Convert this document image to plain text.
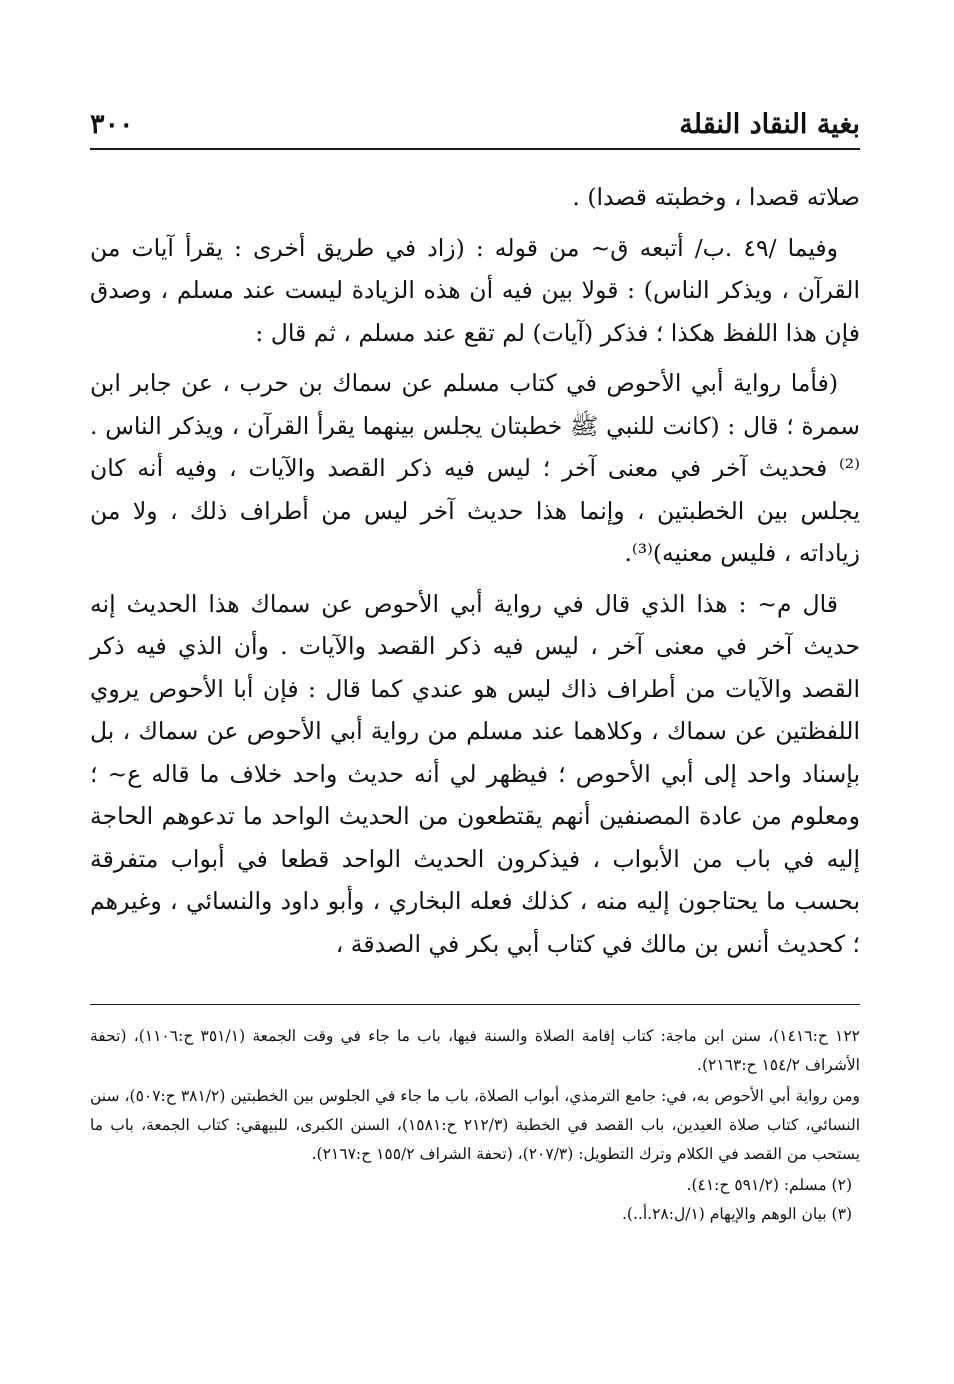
بغية النقاد النقلة
٣٠٠

صلاته قصدا ، وخطبته قصدا) .

وفيما /٤٩ .ب/ أتبعه ق~ من قوله : (زاد في طريق أخرى : يقرأ آيات من القرآن ، ويذكر الناس) : قولا بين فيه أن هذه الزيادة ليست عند مسلم ، وصدق فإن هذا اللفظ هكذا ؛ فذكر (آيات) لم تقع عند مسلم ، ثم قال :

(فأما رواية أبي الأحوص في كتاب مسلم عن سماك بن حرب ، عن جابر ابن سمرة ؛ قال : (كانت للنبي ﷺ خطبتان يجلس بينهما يقرأ القرآن ، ويذكر الناس .⁽²⁾ فحديث آخر في معنى آخر ؛ ليس فيه ذكر القصد والآيات ، وفيه أنه كان يجلس بين الخطبتين ، وإنما هذا حديث آخر ليس من أطراف ذلك ، ولا من زياداته ، فليس معنيه)⁽³⁾.

قال م~ : هذا الذي قال في رواية أبي الأحوص عن سماك هذا الحديث إنه حديث آخر في معنى آخر ، ليس فيه ذكر القصد والآيات . وأن الذي فيه ذكر القصد والآيات من أطراف ذاك ليس هو عندي كما قال : فإن أبا الأحوص يروي اللفظتين عن سماك ، وكلاهما عند مسلم من رواية أبي الأحوص عن سماك ، بل بإسناد واحد إلى أبي الأحوص ؛ فيظهر لي أنه حديث واحد خلاف ما قاله ع~ ؛ ومعلوم من عادة المصنفين أنهم يقتطعون من الحديث الواحد ما تدعوهم الحاجة إليه في باب من الأبواب ، فيذكرون الحديث الواحد قطعا في أبواب متفرقة بحسب ما يحتاجون إليه منه ، كذلك فعله البخاري ، وأبو داود والنسائي ، وغيرهم ؛ كحديث أنس بن مالك في كتاب أبي بكر في الصدقة ،

١٢٢ ح:١٤١٦)، سنن ابن ماجة: كتاب إقامة الصلاة والسنة فيها، باب ما جاء في وقت الجمعة (٣٥١/١ ح:١١٠٦)، (تحفة الأشراف ١٥٤/٢ ح:٢١٦٣).

ومن رواية أبي الأحوص به، في: جامع الترمذي، أبواب الصلاة، باب ما جاء في الجلوس بين الخطبتين (٣٨١/٢ ح:٥٠٧)، سنن النسائي، كتاب صلاة العيدين، باب القصد في الخطبة (٢١٢/٣ ح:١٥٨١)، السنن الكبرى، للبيهقي: كتاب الجمعة، باب ما يستحب من القصد في الكلام وترك التطويل: (٢٠٧/٣)، (تحفة الشراف ١٥٥/٢ ح:٢١٦٧).

(٢) مسلم: (٥٩١/٢ ح:٤١).

(٣) بيان الوهم والإيهام (١/ل:٢٨.أ..).
